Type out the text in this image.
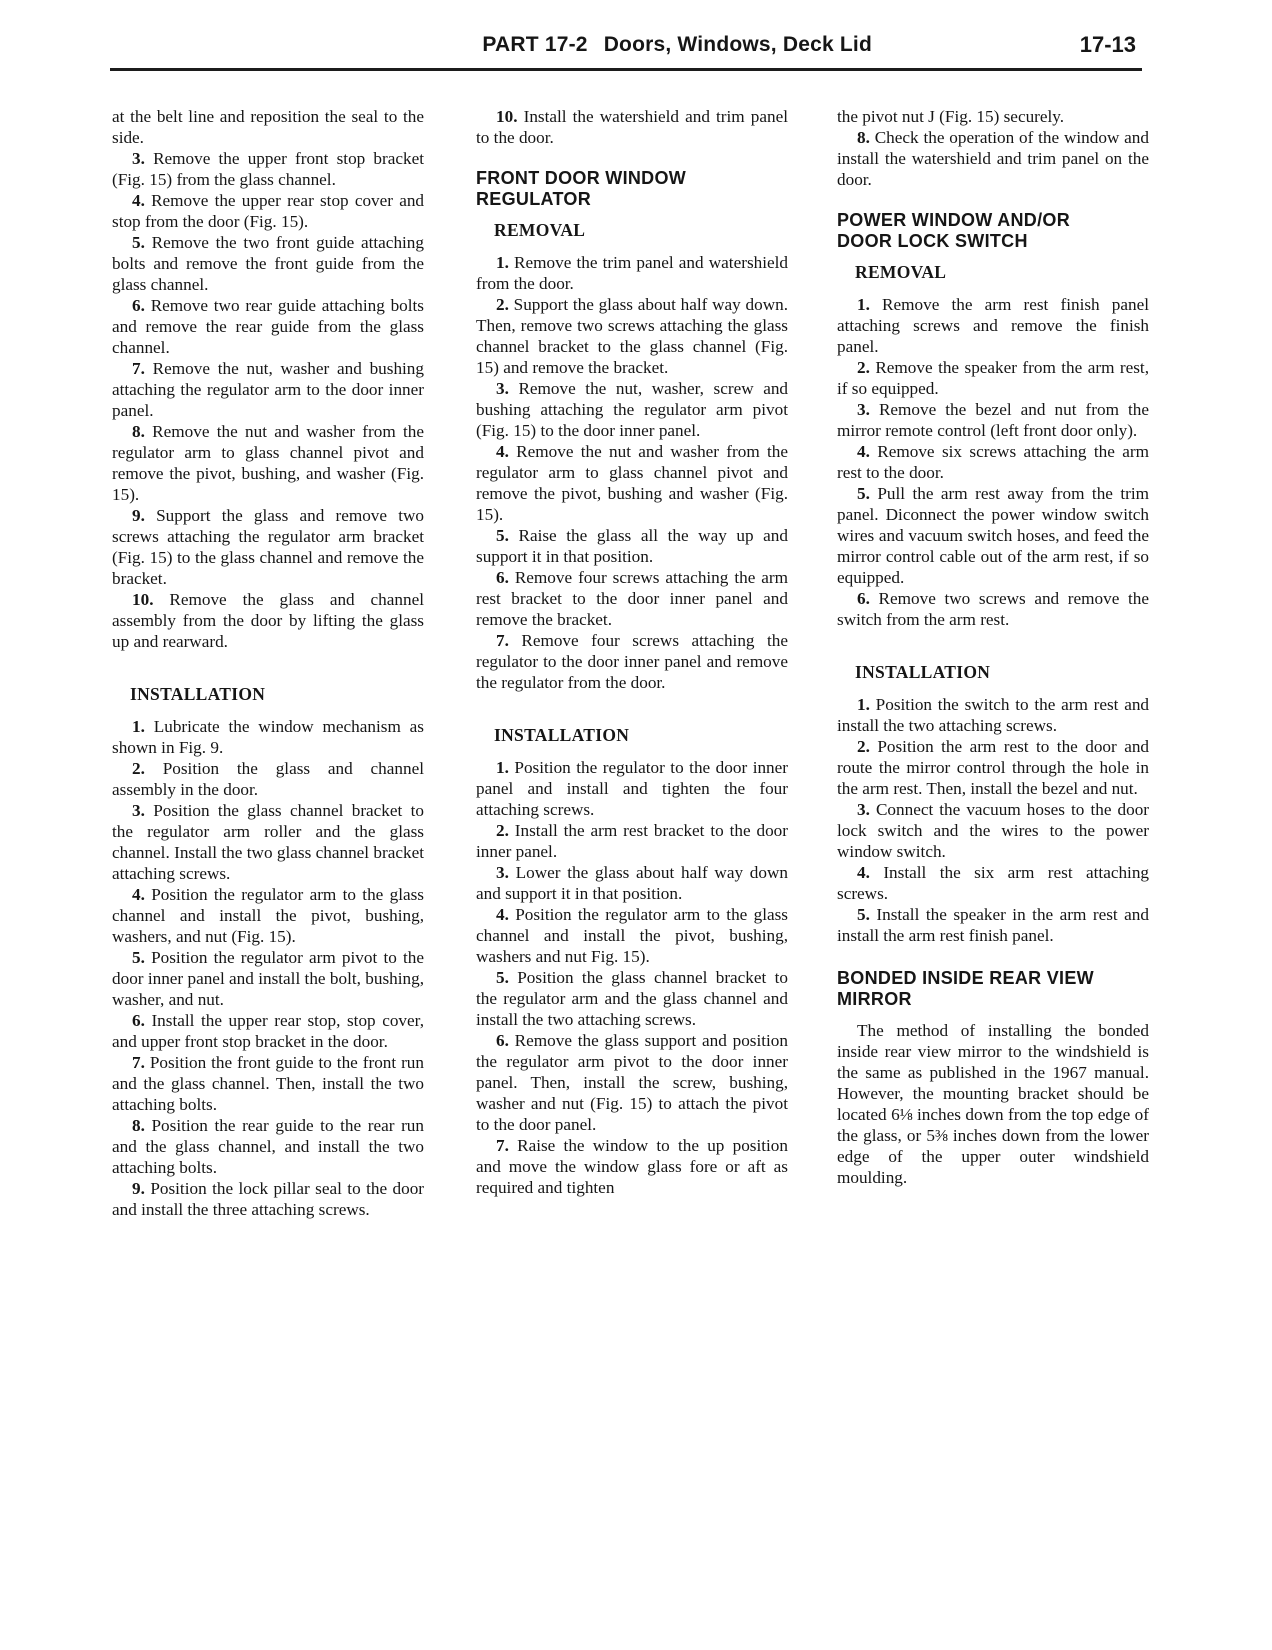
PART 17-2 Doors, Windows, Deck Lid	17-13

at the belt line and reposition the seal to the side.

3. Remove the upper front stop bracket (Fig. 15) from the glass channel.

4. Remove the upper rear stop cover and stop from the door (Fig. 15).

5. Remove the two front guide attaching bolts and remove the front guide from the glass channel.

6. Remove two rear guide attaching bolts and remove the rear guide from the glass channel.

7. Remove the nut, washer and bushing attaching the regulator arm to the door inner panel.

8. Remove the nut and washer from the regulator arm to glass channel pivot and remove the pivot, bushing, and washer (Fig. 15).

9. Support the glass and remove two screws attaching the regulator arm bracket (Fig. 15) to the glass channel and remove the bracket.

10. Remove the glass and channel assembly from the door by lifting the glass up and rearward.

INSTALLATION

1. Lubricate the window mechanism as shown in Fig. 9.

2. Position the glass and channel assembly in the door.

3. Position the glass channel bracket to the regulator arm roller and the glass channel. Install the two glass channel bracket attaching screws.

4. Position the regulator arm to the glass channel and install the pivot, bushing, washers, and nut (Fig. 15).

5. Position the regulator arm pivot to the door inner panel and install the bolt, bushing, washer, and nut.

6. Install the upper rear stop, stop cover, and upper front stop bracket in the door.

7. Position the front guide to the front run and the glass channel. Then, install the two attaching bolts.

8. Position the rear guide to the rear run and the glass channel, and install the two attaching bolts.

9. Position the lock pillar seal to the door and install the three attaching screws.

10. Install the watershield and trim panel to the door.

FRONT DOOR WINDOW REGULATOR
REMOVAL

1. Remove the trim panel and watershield from the door.

2. Support the glass about half way down. Then, remove two screws attaching the glass channel bracket to the glass channel (Fig. 15) and remove the bracket.

3. Remove the nut, washer, screw and bushing attaching the regulator arm pivot (Fig. 15) to the door inner panel.

4. Remove the nut and washer from the regulator arm to glass channel pivot and remove the pivot, bushing and washer (Fig. 15).

5. Raise the glass all the way up and support it in that position.

6. Remove four screws attaching the arm rest bracket to the door inner panel and remove the bracket.

7. Remove four screws attaching the regulator to the door inner panel and remove the regulator from the door.

INSTALLATION

1. Position the regulator to the door inner panel and install and tighten the four attaching screws.

2. Install the arm rest bracket to the door inner panel.

3. Lower the glass about half way down and support it in that position.

4. Position the regulator arm to the glass channel and install the pivot, bushing, washers and nut Fig. 15).

5. Position the glass channel bracket to the regulator arm and the glass channel and install the two attaching screws.

6. Remove the glass support and position the regulator arm pivot to the door inner panel. Then, install the screw, bushing, washer and nut (Fig. 15) to attach the pivot to the door panel.

7. Raise the window to the up position and move the window glass fore or aft as required and tighten

the pivot nut J (Fig. 15) securely.

8. Check the operation of the window and install the watershield and trim panel on the door.

POWER WINDOW AND/OR DOOR LOCK SWITCH
REMOVAL

1. Remove the arm rest finish panel attaching screws and remove the finish panel.

2. Remove the speaker from the arm rest, if so equipped.

3. Remove the bezel and nut from the mirror remote control (left front door only).

4. Remove six screws attaching the arm rest to the door.

5. Pull the arm rest away from the trim panel. Diconnect the power window switch wires and vacuum switch hoses, and feed the mirror control cable out of the arm rest, if so equipped.

6. Remove two screws and remove the switch from the arm rest.

INSTALLATION

1. Position the switch to the arm rest and install the two attaching screws.

2. Position the arm rest to the door and route the mirror control through the hole in the arm rest. Then, install the bezel and nut.

3. Connect the vacuum hoses to the door lock switch and the wires to the power window switch.

4. Install the six arm rest attaching screws.

5. Install the speaker in the arm rest and install the arm rest finish panel.

BONDED INSIDE REAR VIEW MIRROR

The method of installing the bonded inside rear view mirror to the windshield is the same as published in the 1967 manual. However, the mounting bracket should be located 6⅛ inches down from the top edge of the glass, or 5⅜ inches down from the lower edge of the upper outer windshield moulding.
